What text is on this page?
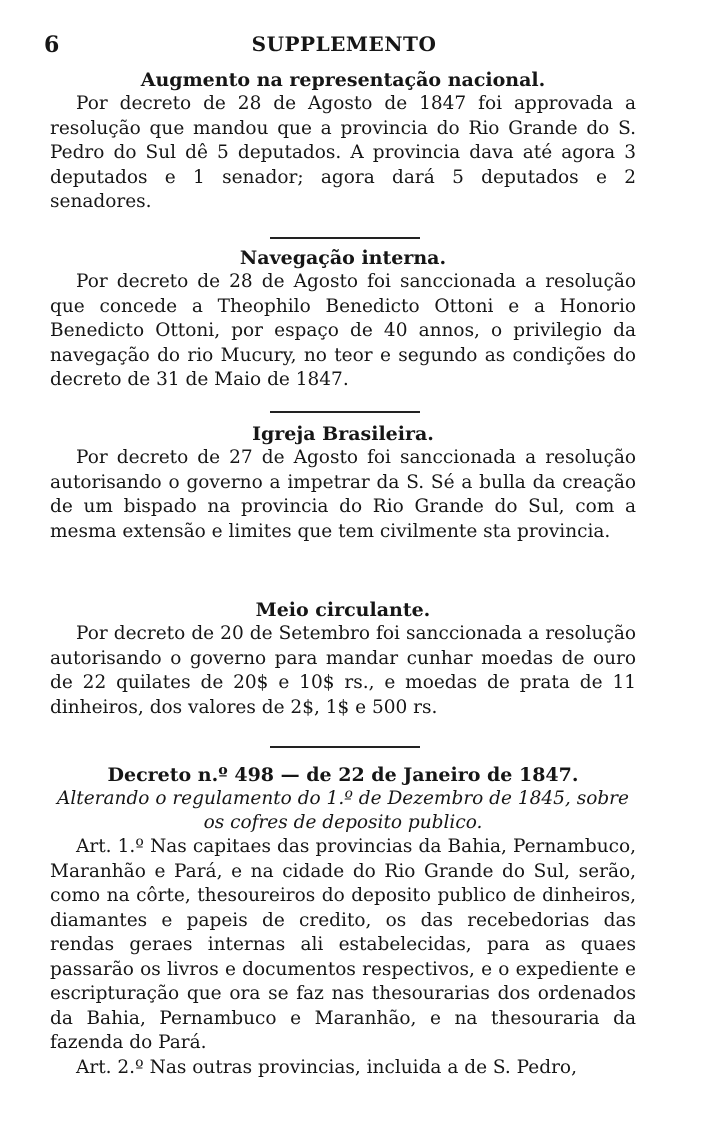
6	SUPPLEMENTO

Augmento na representação nacional.

Por decreto de 28 de Agosto de 1847 foi approvada a resolução que mandou que a provincia do Rio Grande do S. Pedro do Sul dê 5 deputados. A provincia dava até agora 3 deputados e 1 senador; agora dará 5 deputados e 2 senadores.

Navegação interna.

Por decreto de 28 de Agosto foi sanccionada a resolução que concede a Theophilo Benedicto Ottoni e a Honorio Benedicto Ottoni, por espaço de 40 annos, o privilegio da navegação do rio Mucury, no teor e segundo as condições do decreto de 31 de Maio de 1847.

Igreja Brasileira.

Por decreto de 27 de Agosto foi sanccionada a resolução autorisando o governo a impetrar da S. Sé a bulla da creação de um bispado na provincia do Rio Grande do Sul, com a mesma extensão e limites que tem civilmente sta provincia.

Meio circulante.

Por decreto de 20 de Setembro foi sanccionada a resolução autorisando o governo para mandar cunhar moedas de ouro de 22 quilates de 20$ e 10$ rs., e moedas de prata de 11 dinheiros, dos valores de 2$, 1$ e 500 rs.

Decreto n.º 498 — de 22 de Janeiro de 1847.

Alterando o regulamento do 1.º de Dezembro de 1845, sobre os cofres de deposito publico.

Art. 1.º Nas capitaes das provincias da Bahia, Pernambuco, Maranhão e Pará, e na cidade do Rio Grande do Sul, serão, como na côrte, thesoureiros do deposito publico de dinheiros, diamantes e papeis de credito, os das recebedorias das rendas geraes internas ali estabelecidas, para as quaes passarão os livros e documentos respectivos, e o expediente e escripturação que ora se faz nas thesourarias dos ordenados da Bahia, Pernambuco e Maranhão, e na thesouraria da fazenda do Pará.

Art. 2.º Nas outras provincias, incluida a de S. Pedro,
